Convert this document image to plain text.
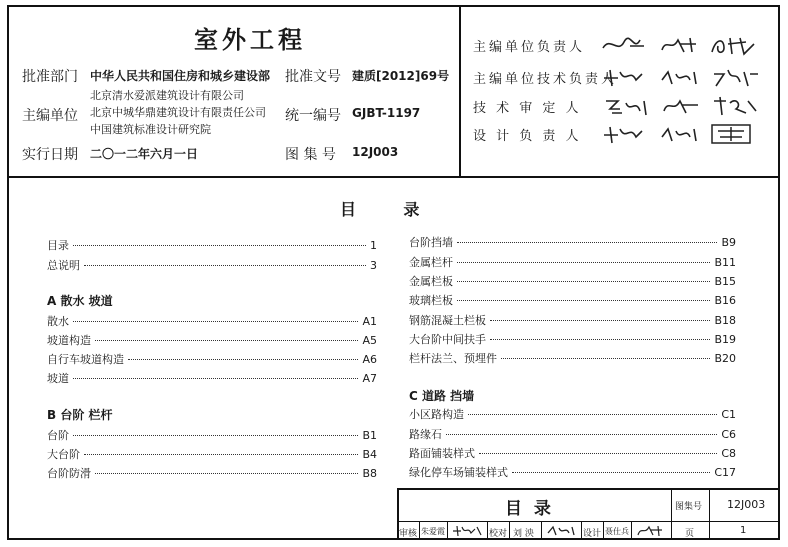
室外工程
批准部门 中华人民共和国住房和城乡建设部 批准文号 建质[2012]69号
主编单位
北京清水爱派建筑设计有限公司
北京中城华鼎建筑设计有限责任公司
中国建筑标准设计研究院
统一编号 GJBT-1197
实行日期 二〇一二年六月一日	图 集 号 12J003
主编单位负责人
主编单位技术负责人
技 术 审 定 人
设 计 负 责 人
目      录
目录	1
总说明	3
A 散水 坡道
散水	A1
坡道构造	A5
自行车坡道构造	A6
坡道	A7
B 台阶 栏杆
台阶	B1
大台阶	B4
台阶防滑	B8
台阶挡墙	B9
金属栏杆	B11
金属栏板	B15
玻璃栏板	B16
钢筋混凝土栏板	B18
大台阶中间扶手	B19
栏杆法兰、预埋件	B20
C 道路 挡墙
小区路构造	C1
路缘石	C6
路面铺装样式	C8
绿化停车场铺装样式	C17
目  录	图集号 12J003
审核 朱爱霞	校对 刘 泱	设计 聂仕兵	页	1
